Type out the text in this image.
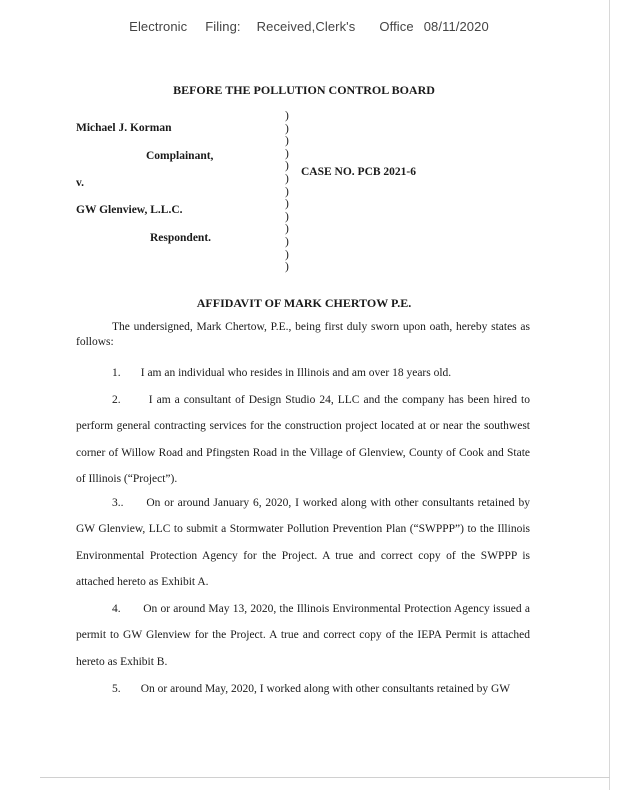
Electronic Filing: Received,Clerk's Office 08/11/2020
BEFORE THE POLLUTION CONTROL BOARD
Michael J. Korman
Complainant,
v.
GW Glenview, L.L.C.
Respondent.
)
)
)
)
)
)
)
)
)
)
)
)
)
CASE NO. PCB 2021-6
AFFIDAVIT OF MARK CHERTOW P.E.
The undersigned, Mark Chertow, P.E., being first duly sworn upon oath, hereby states as follows:
1. I am an individual who resides in Illinois and am over 18 years old.
2. I am a consultant of Design Studio 24, LLC and the company has been hired to perform general contracting services for the construction project located at or near the southwest corner of Willow Road and Pfingsten Road in the Village of Glenview, County of Cook and State of Illinois (“Project”).
3.. On or around January 6, 2020, I worked along with other consultants retained by GW Glenview, LLC to submit a Stormwater Pollution Prevention Plan (“SWPPP”) to the Illinois Environmental Protection Agency for the Project. A true and correct copy of the SWPPP is attached hereto as Exhibit A.
4. On or around May 13, 2020, the Illinois Environmental Protection Agency issued a permit to GW Glenview for the Project. A true and correct copy of the IEPA Permit is attached hereto as Exhibit B.
5. On or around May, 2020, I worked along with other consultants retained by GW
